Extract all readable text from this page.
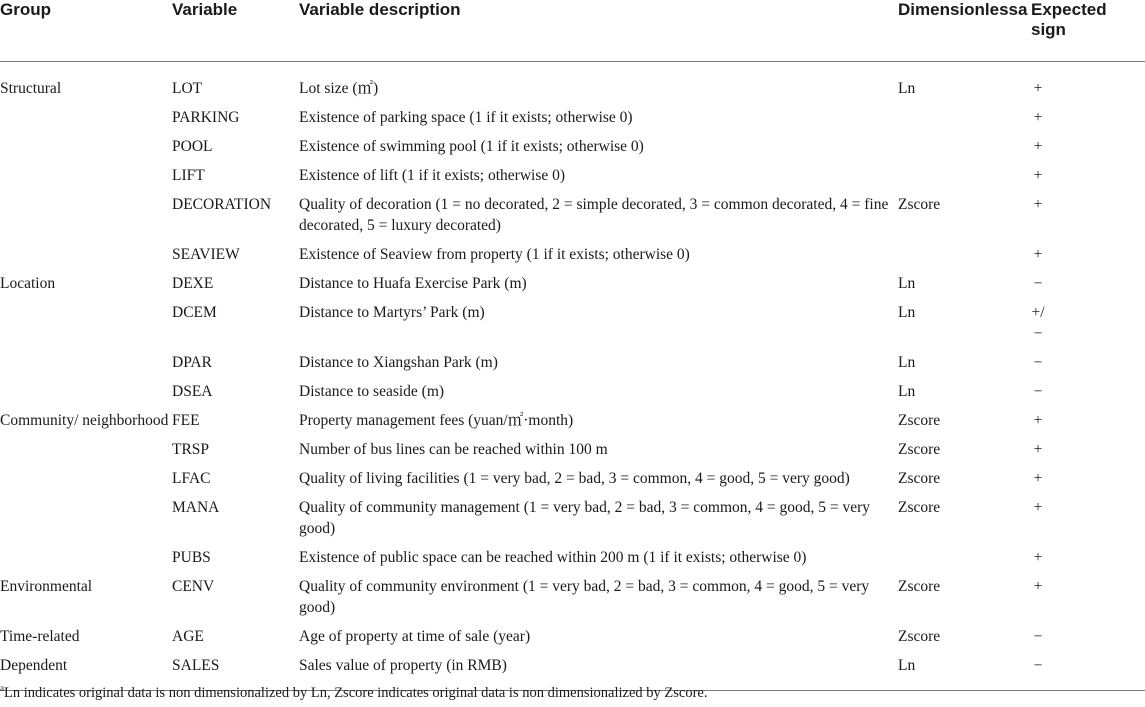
Group	Variable	Variable description	Dimensionlessa	Expected
sign

Structural	LOT	Lot size (㎡)	Ln	+
	PARKING	Existence of parking space (1 if it exists; otherwise 0)		+
	POOL	Existence of swimming pool (1 if it exists; otherwise 0)		+
	LIFT	Existence of lift (1 if it exists; otherwise 0)		+
	DECORATION	Quality of decoration (1 = no decorated, 2 = simple decorated, 3 = common decorated, 4 = fine decorated, 5 = luxury decorated)	Zscore	+
	SEAVIEW	Existence of Seaview from property (1 if it exists; otherwise 0)		+
Location	DEXE	Distance to Huafa Exercise Park (m)	Ln	−
	DCEM	Distance to Martyrs’ Park (m)	Ln	+/−
	DPAR	Distance to Xiangshan Park (m)	Ln	−
	DSEA	Distance to seaside (m)	Ln	−
Community/ neighborhood	FEE	Property management fees (yuan/㎡·month)	Zscore	+
	TRSP	Number of bus lines can be reached within 100 m	Zscore	+
	LFAC	Quality of living facilities (1 = very bad, 2 = bad, 3 = common, 4 = good, 5 = very good)	Zscore	+
	MANA	Quality of community management (1 = very bad, 2 = bad, 3 = common, 4 = good, 5 = very good)	Zscore	+
	PUBS	Existence of public space can be reached within 200 m (1 if it exists; otherwise 0)		+
Environmental	CENV	Quality of community environment (1 = very bad, 2 = bad, 3 = common, 4 = good, 5 = very good)	Zscore	+
Time-related	AGE	Age of property at time of sale (year)	Zscore	−
Dependent	SALES	Sales value of property (in RMB)	Ln	−
$^a$Ln indicates original data is non dimensionalized by Ln, Zscore indicates original data is non dimensionalized by Zscore.
